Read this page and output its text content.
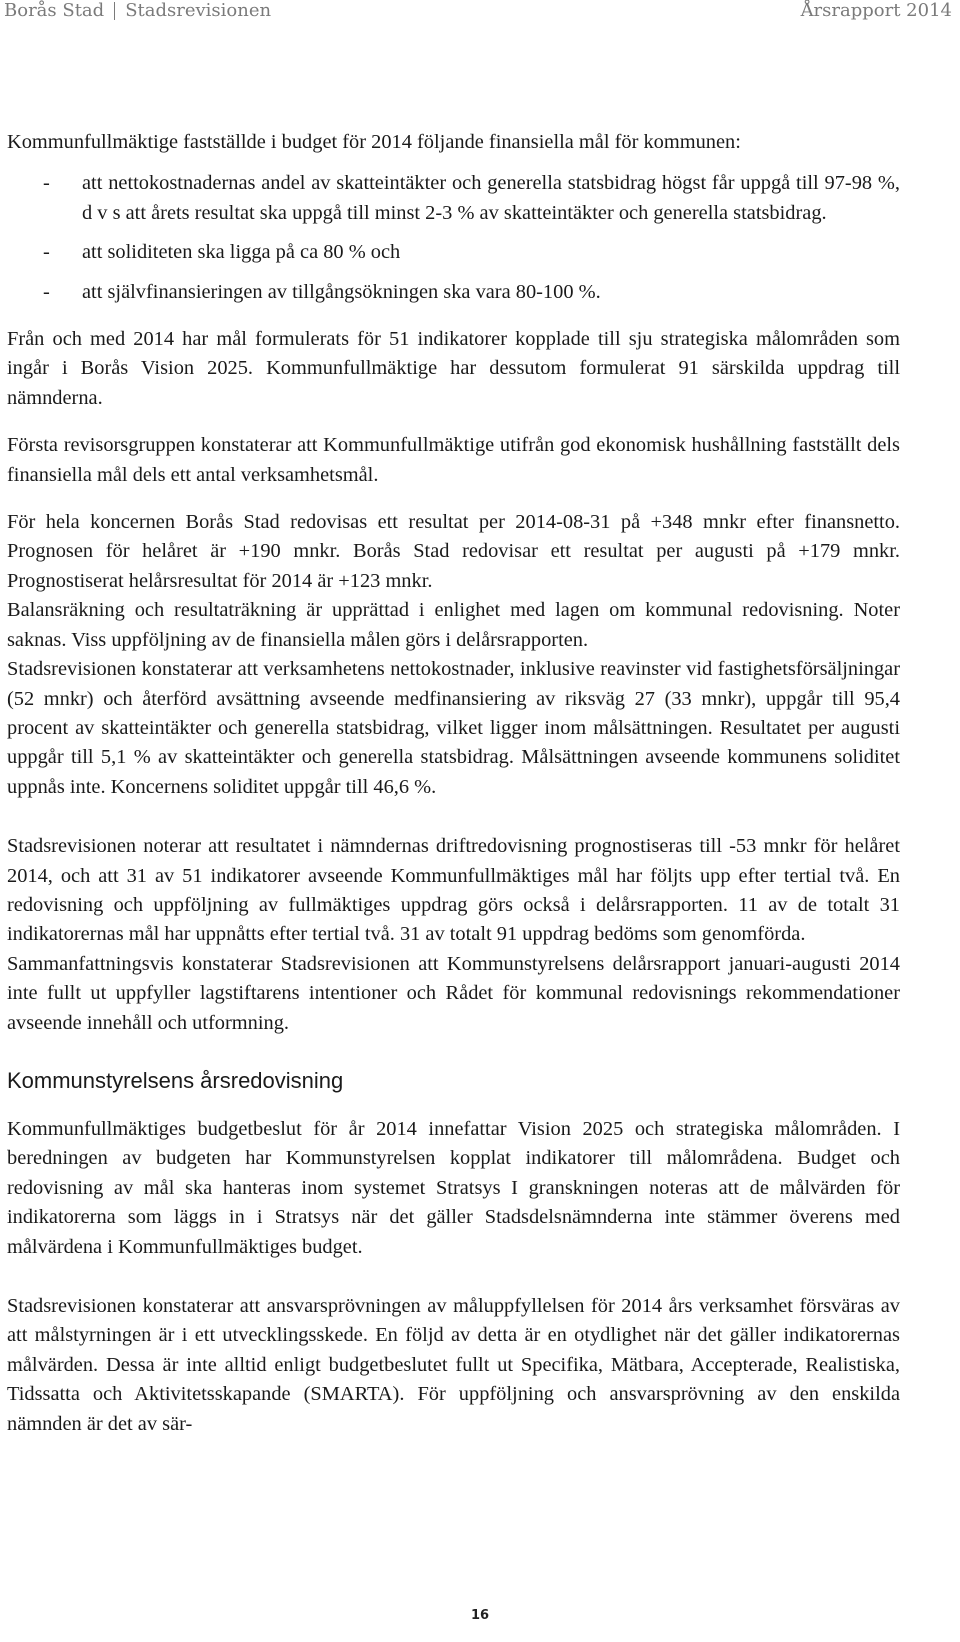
Borås Stad Stadsrevisionen	Årsrapport 2014

Kommunfullmäktige fastställde i budget för 2014 följande finansiella mål för kommunen:

- att nettokostnadernas andel av skatteintäkter och generella statsbidrag högst får uppgå till 97-98 %, d v s att årets resultat ska uppgå till minst 2-3 % av skatteintäkter och generella statsbidrag.
- att soliditeten ska ligga på ca 80 % och
- att självfinansieringen av tillgångsökningen ska vara 80-100 %.

Från och med 2014 har mål formulerats för 51 indikatorer kopplade till sju strategiska målområden som ingår i Borås Vision 2025. Kommunfullmäktige har dessutom formulerat 91 särskilda uppdrag till nämnderna.

Första revisorsgruppen konstaterar att Kommunfullmäktige utifrån god ekonomisk hushållning fastställt dels finansiella mål dels ett antal verksamhetsmål.

För hela koncernen Borås Stad redovisas ett resultat per 2014-08-31 på +348 mnkr efter finansnetto. Prognosen för helåret är +190 mnkr. Borås Stad redovisar ett resultat per augusti på +179 mnkr. Prognostiserat helårsresultat för 2014 är +123 mnkr.

Balansräkning och resultaträkning är upprättad i enlighet med lagen om kommunal redovisning. Noter saknas. Viss uppföljning av de finansiella målen görs i delårsrapporten.

Stadsrevisionen konstaterar att verksamhetens nettokostnader, inklusive reavinster vid fastighetsförsäljningar (52 mnkr) och återförd avsättning avseende medfinansiering av riksväg 27 (33 mnkr), uppgår till 95,4 procent av skatteintäkter och generella statsbidrag, vilket ligger inom målsättningen. Resultatet per augusti uppgår till 5,1 % av skatteintäkter och generella statsbidrag. Målsättningen avseende kommunens soliditet uppnås inte. Koncernens soliditet uppgår till 46,6 %.

Stadsrevisionen noterar att resultatet i nämndernas driftredovisning prognostiseras till -53 mnkr för helåret 2014, och att 31 av 51 indikatorer avseende Kommunfullmäktiges mål har följts upp efter tertial två. En redovisning och uppföljning av fullmäktiges uppdrag görs också i delårsrapporten. 11 av de totalt 31 indikatorernas mål har uppnåtts efter tertial två. 31 av totalt 91 uppdrag bedöms som genomförda.

Sammanfattningsvis konstaterar Stadsrevisionen att Kommunstyrelsens delårsrapport januari-augusti 2014 inte fullt ut uppfyller lagstiftarens intentioner och Rådet för kommunal redovisnings rekommendationer avseende innehåll och utformning.

Kommunstyrelsens årsredovisning

Kommunfullmäktiges budgetbeslut för år 2014 innefattar Vision 2025 och strategiska målområden. I beredningen av budgeten har Kommunstyrelsen kopplat indikatorer till målområdena. Budget och redovisning av mål ska hanteras inom systemet Stratsys I granskningen noteras att de målvärden för indikatorerna som läggs in i Stratsys när det gäller Stadsdelsnämnderna inte stämmer överens med målvärdena i Kommunfullmäktiges budget.

Stadsrevisionen konstaterar att ansvarsprövningen av måluppfyllelsen för 2014 års verksamhet försväras av att målstyrningen är i ett utvecklingsskede. En följd av detta är en otydlighet när det gäller indikatorernas målvärden. Dessa är inte alltid enligt budgetbeslutet fullt ut Specifika, Mätbara, Accepterade, Realistiska, Tidssatta och Aktivitetsskapande (SMARTA). För uppföljning och ansvarsprövning av den enskilda nämnden är det av sär-

16
